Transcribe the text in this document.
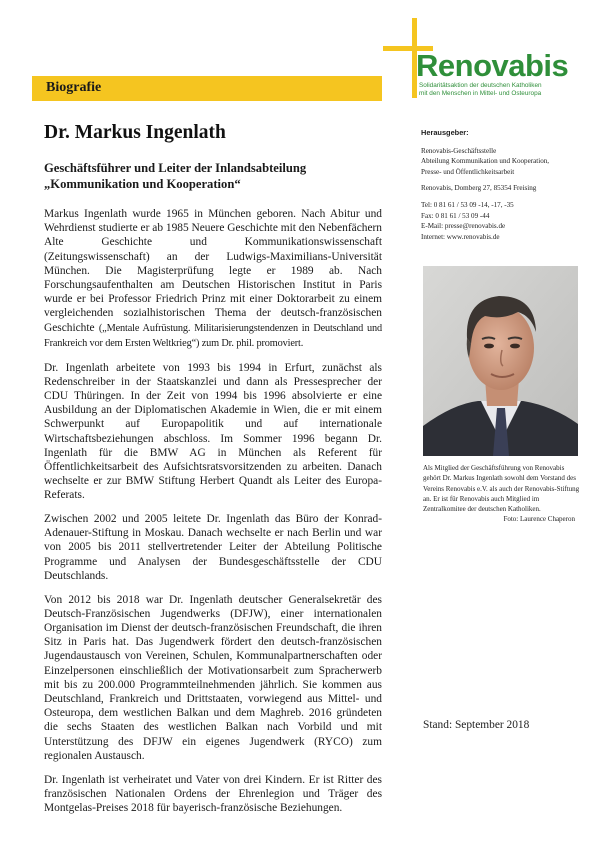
Renovabis
Solidaritätsaktion der deutschen Katholiken
mit den Menschen in Mittel- und Osteuropa
Biografie
Dr. Markus Ingenlath
Geschäftsführer und Leiter der Inlandsabteilung
„Kommunikation und Kooperation“

Markus Ingenlath wurde 1965 in München geboren. Nach Abitur und Wehrdienst studierte er ab 1985 Neuere Geschichte mit den Nebenfächern Alte Geschichte und Kommunikationswissenschaft (Zeitungswissenschaft) an der Ludwigs-Maximilians-Universität München. Die Magisterprüfung legte er 1989 ab. Nach Forschungsaufenthalten am Deutschen Historischen Institut in Paris wurde er bei Professor Friedrich Prinz mit einer Doktorarbeit zu einem vergleichenden sozialhistorischen Thema der deutsch-französischen Geschichte („Mentale Aufrüstung. Militarisierungstendenzen in Deutschland und Frankreich vor dem Ersten Weltkrieg“) zum Dr. phil. promoviert.

Dr. Ingenlath arbeitete von 1993 bis 1994 in Erfurt, zunächst als Redenschreiber in der Staatskanzlei und dann als Pressesprecher der CDU Thüringen. In der Zeit von 1994 bis 1996 absolvierte er eine Ausbildung an der Diplomatischen Akademie in Wien, die er mit einem Schwerpunkt auf Europapolitik und auf internationale Wirtschaftsbeziehungen abschloss. Im Sommer 1996 begann Dr. Ingenlath für die BMW AG in München als Referent für Öffentlichkeitsarbeit des Aufsichtsratsvorsitzenden zu arbeiten. Danach wechselte er zur BMW Stiftung Herbert Quandt als Leiter des Europa-Referats.

Zwischen 2002 und 2005 leitete Dr. Ingenlath das Büro der Konrad-Adenauer-Stiftung in Moskau. Danach wechselte er nach Berlin und war von 2005 bis 2011 stellvertretender Leiter der Abteilung Politische Programme und Analysen der Bundesgeschäftsstelle der CDU Deutschlands.

Von 2012 bis 2018 war Dr. Ingenlath deutscher Generalsekretär des Deutsch-Französischen Jugendwerks (DFJW), einer internationalen Organisation im Dienst der deutsch-französischen Freundschaft, die ihren Sitz in Paris hat. Das Jugendwerk fördert den deutsch-französischen Jugendaustausch von Vereinen, Schulen, Kommunalpartnerschaften oder Einzelpersonen einschließlich der Motivationsarbeit zum Spracherwerb mit bis zu 200.000 Programmteilnehmenden jährlich. Sie kommen aus Deutschland, Frankreich und Drittstaaten, vorwiegend aus Mittel- und Osteuropa, dem westlichen Balkan und dem Maghreb. 2016 gründeten die sechs Staaten des westlichen Balkan nach Vorbild und mit Unterstützung des DFJW ein eigenes Jugendwerk (RYCO) zum regionalen Austausch.

Dr. Ingenlath ist verheiratet und Vater von drei Kindern. Er ist Ritter des französischen Nationalen Ordens der Ehrenlegion und Träger des Montgelas-Preises 2018 für bayerisch-französische Beziehungen.

Herausgeber:
Renovabis-Geschäftsstelle
Abteilung Kommunikation und Kooperation,
Presse- und Öffentlichkeitsarbeit
Renovabis, Domberg 27, 85354 Freising
Tel: 0 81 61 / 53 09 -14, -17, -35
Fax: 0 81 61 / 53 09 -44
E-Mail: presse@renovabis.de
Internet: www.renovabis.de
Als Mitglied der Geschäftsführung von Renovabis gehört Dr. Markus Ingenlath sowohl dem Vorstand des Vereins Renovabis e.V. als auch der Renovabis-Stiftung an. Er ist für Renovabis auch Mitglied im Zentralkomitee der deutschen Katholiken.
Foto: Laurence Chaperon
Stand: September 2018
